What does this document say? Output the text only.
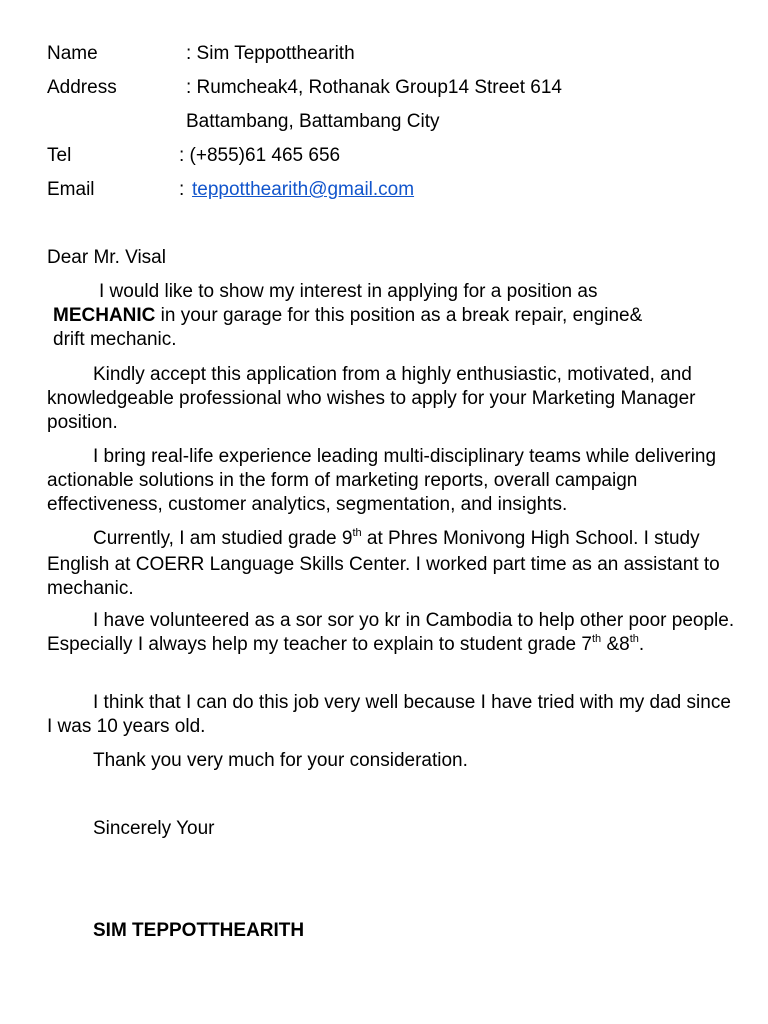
Name	: Sim Teppotthearith
Address	: Rumcheak4, Rothanak Group14 Street 614
Battambang, Battambang City
Tel	: (+855)61 465 656
Email	: teppotthearith@gmail.com
Dear Mr. Visal
I would like to show my interest in applying for a position as
MECHANIC in your garage for this position as a break repair, engine&
drift mechanic.
Kindly accept this application from a highly enthusiastic, motivated, and knowledgeable professional who wishes to apply for your Marketing Manager position.
I bring real-life experience leading multi-disciplinary teams while delivering actionable solutions in the form of marketing reports, overall campaign effectiveness, customer analytics, segmentation, and insights.
Currently, I am studied grade 9th at Phres Monivong High School. I study English at COERR Language Skills Center. I worked part time as an assistant to mechanic.
I have volunteered as a sor sor yo kr in Cambodia to help other poor people. Especially I always help my teacher to explain to student grade 7th &8th.
I think that I can do this job very well because I have tried with my dad since I was 10 years old.
Thank you very much for your consideration.
Sincerely Your
SIM TEPPOTTHEARITH
